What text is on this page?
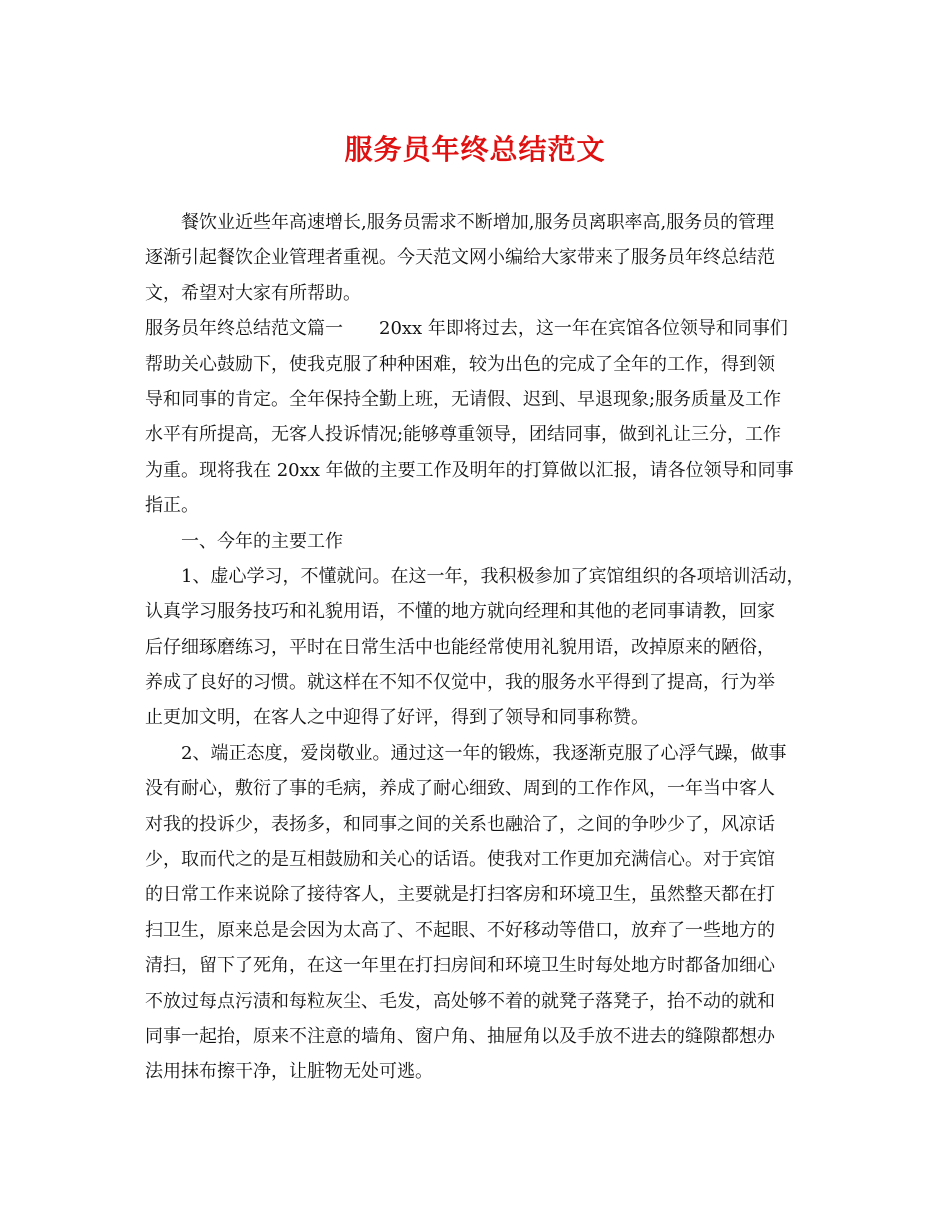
服务员年终总结范文
餐饮业近些年高速增长,服务员需求不断增加,服务员离职率高,服务员的管理
逐渐引起餐饮企业管理者重视。今天范文网小编给大家带来了服务员年终总结范
文，希望对大家有所帮助。
服务员年终总结范文篇一　　20xx 年即将过去，这一年在宾馆各位领导和同事们
帮助关心鼓励下，使我克服了种种困难，较为出色的完成了全年的工作，得到领
导和同事的肯定。全年保持全勤上班，无请假、迟到、早退现象;服务质量及工作
水平有所提高，无客人投诉情况;能够尊重领导，团结同事，做到礼让三分，工作
为重。现将我在 20xx 年做的主要工作及明年的打算做以汇报，请各位领导和同事
指正。
一、今年的主要工作
1、虚心学习，不懂就问。在这一年，我积极参加了宾馆组织的各项培训活动，
认真学习服务技巧和礼貌用语，不懂的地方就向经理和其他的老同事请教，回家
后仔细琢磨练习，平时在日常生活中也能经常使用礼貌用语，改掉原来的陋俗，
养成了良好的习惯。就这样在不知不仅觉中，我的服务水平得到了提高，行为举
止更加文明，在客人之中迎得了好评，得到了领导和同事称赞。
2、端正态度，爱岗敬业。通过这一年的锻炼，我逐渐克服了心浮气躁，做事
没有耐心，敷衍了事的毛病，养成了耐心细致、周到的工作作风，一年当中客人
对我的投诉少，表扬多，和同事之间的关系也融洽了，之间的争吵少了，风凉话
少，取而代之的是互相鼓励和关心的话语。使我对工作更加充满信心。对于宾馆
的日常工作来说除了接待客人，主要就是打扫客房和环境卫生，虽然整天都在打
扫卫生，原来总是会因为太高了、不起眼、不好移动等借口，放弃了一些地方的
清扫，留下了死角，在这一年里在打扫房间和环境卫生时每处地方时都备加细心
不放过每点污渍和每粒灰尘、毛发，高处够不着的就凳子落凳子，抬不动的就和
同事一起抬，原来不注意的墙角、窗户角、抽屉角以及手放不进去的缝隙都想办
法用抹布擦干净，让脏物无处可逃。
